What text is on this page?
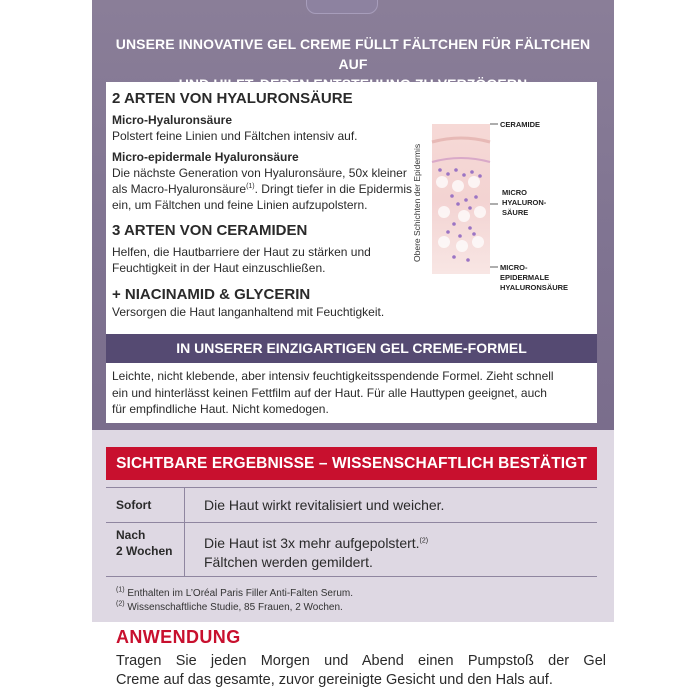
UNSERE INNOVATIVE GEL CREME FÜLLT FÄLTCHEN FÜR FÄLTCHEN AUF
2 ARTEN VON HYALURONSÄURE
Micro-Hyaluronsäure
Polstert feine Linien und Fältchen intensiv auf.
Micro-epidermale Hyaluronsäure
Die nächste Generation von Hyaluronsäure, 50x kleiner
als Macro-Hyaluronsäure$^{(1)}$. Dringt tiefer in die Epidermis
ein, um Fältchen und feine Linien aufzupolstern.
3 ARTEN VON CERAMIDEN
Helfen, die Hautbarriere der Haut zu stärken und
Feuchtigkeit in der Haut einzuschließen.
+ NIACINAMID & GLYCERIN
Versorgen die Haut langanhaltend mit Feuchtigkeit.
Obere Schichten der Epidermis
CERAMIDE
MICRO
HYALURON-
SÄURE
MICRO-
EPIDERMALE
HYALURONSÄURE
IN UNSERER EINZIGARTIGEN GEL CREME-FORMEL
Leichte, nicht klebende, aber intensiv feuchtigkeitsspendende Formel. Zieht schnell
ein und hinterlässt keinen Fettfilm auf der Haut. Für alle Hauttypen geeignet, auch
für empfindliche Haut. Nicht komedogen.
SICHTBARE ERGEBNISSE – WISSENSCHAFTLICH BESTÄTIGT
Sofort	Die Haut wirkt revitalisiert und weicher.
Nach
2 Wochen Die Haut ist 3x mehr aufgepolstert.$^{(2)}$
Fältchen werden gemildert.
$^{(1)}$ Enthalten im L’Oréal Paris Filler Anti-Falten Serum.
$^{(2)}$ Wissenschaftliche Studie, 85 Frauen, 2 Wochen.
ANWENDUNG
Tragen Sie jeden Morgen und Abend einen Pumpstoß der Gel
Creme auf das gesamte, zuvor gereinigte Gesicht und den Hals auf.
